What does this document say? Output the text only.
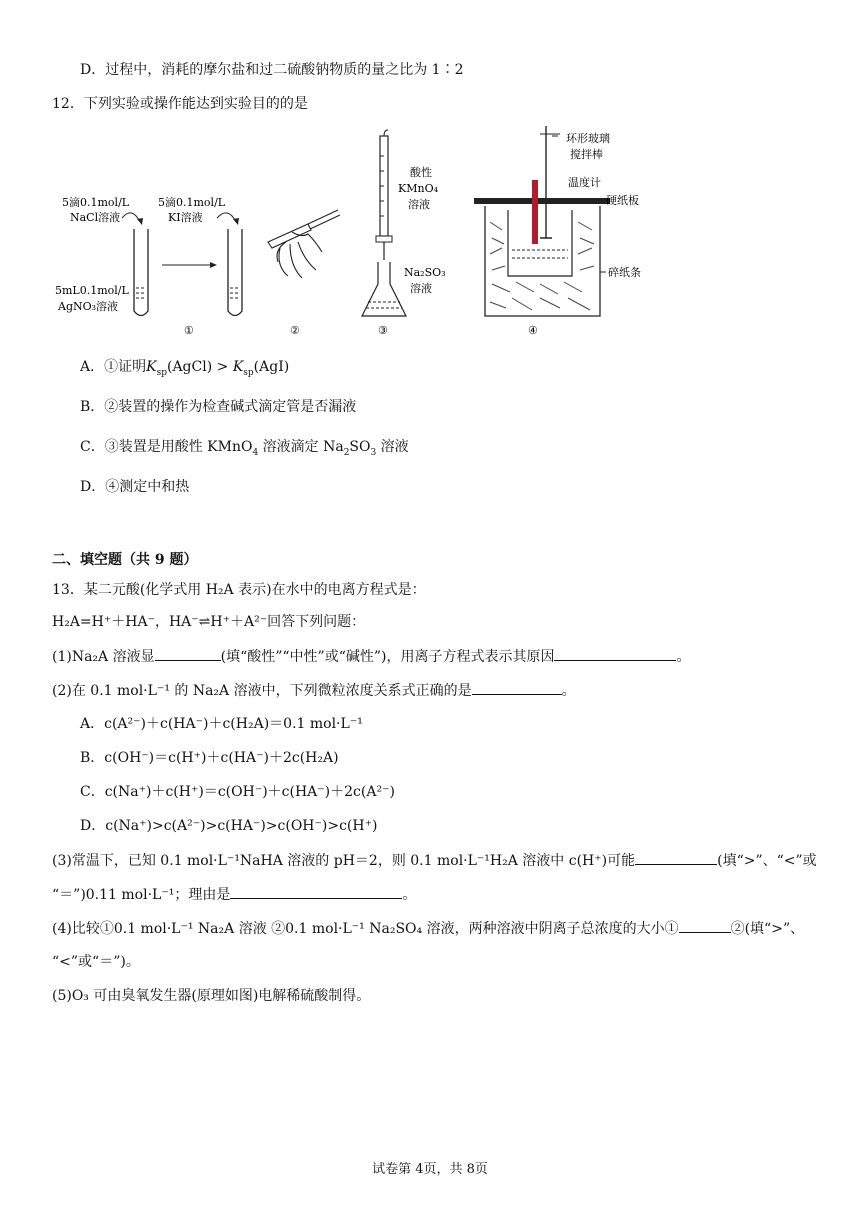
D．过程中，消耗的摩尔盐和过二硫酸钠物质的量之比为 1∶2
12．下列实验或操作能达到实验目的的是
5滴0.1mol/L
NaCl溶液
5mL0.1mol/L
AgNO₃溶液
5滴0.1mol/L
KI溶液
①	②
酸性
KMnO₄
溶液
Na₂SO₃
溶液
③
环形玻璃
搅拌棒
温度计
硬纸板
碎纸条
④
A．①证明$K_{sp}(AgCl) > K_{sp}(AgI)$
B．②装置的操作为检查碱式滴定管是否漏液
C．③装置是用酸性 KMnO$_4$ 溶液滴定 $Na_2SO_3$ 溶液
D．④测定中和热
二、填空题（共 9 题）
13．某二元酸(化学式用 H₂A 表示)在水中的电离方程式是：
H₂A=H⁺＋HA⁻，HA⁻⇌H⁺＋A²⁻回答下列问题：
(1)Na₂A 溶液显	(填“酸性”“中性”或“碱性”)，用离子方程式表示其原因	。
(2)在 0.1 mol·L⁻¹ 的 Na₂A 溶液中，下列微粒浓度关系式正确的是	。
A．c(A²⁻)＋c(HA⁻)＋c(H₂A)＝0.1 mol·L⁻¹
B．c(OH⁻)＝c(H⁺)＋c(HA⁻)＋2c(H₂A)
C．c(Na⁺)＋c(H⁺)＝c(OH⁻)＋c(HA⁻)＋2c(A²⁻)
D．c(Na⁺)>c(A²⁻)>c(HA⁻)>c(OH⁻)>c(H⁺)
(3)常温下，已知 0.1 mol·L⁻¹NaHA 溶液的 pH＝2，则 0.1 mol·L⁻¹H₂A 溶液中 c(H⁺)可能	(填“>”、“<”或
“＝”)0.11 mol·L⁻¹；理由是	。
(4)比较①0.1 mol·L⁻¹ Na₂A 溶液 ②0.1 mol·L⁻¹ Na₂SO₄ 溶液，两种溶液中阴离子总浓度的大小①	②(填“>”、
“<”或“＝”)。
(5)O₃ 可由臭氧发生器(原理如图)电解稀硫酸制得。
试卷第 4页，共 8页
